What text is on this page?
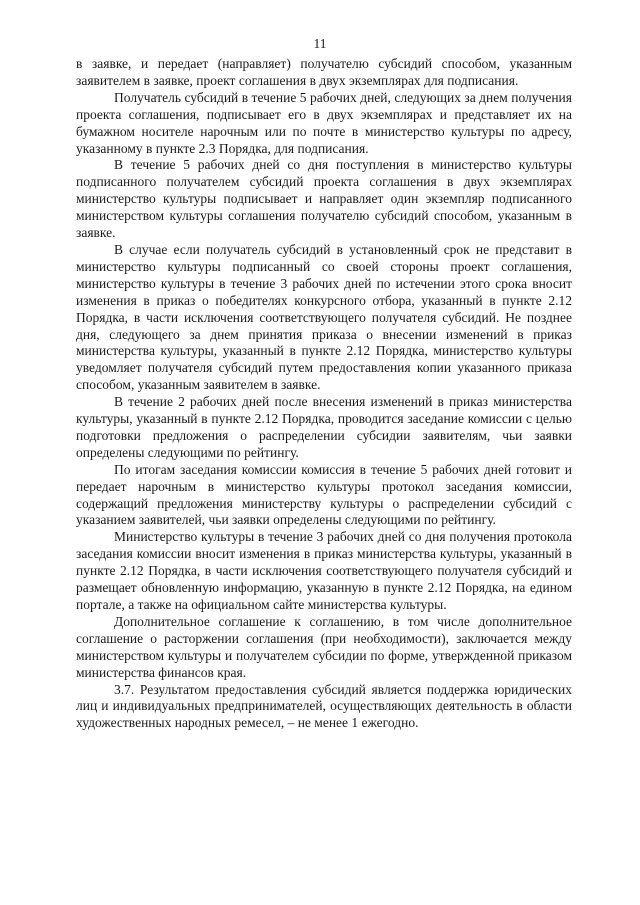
11

в заявке, и передает (направляет) получателю субсидий способом, указанным заявителем в заявке, проект соглашения в двух экземплярах для подписания.

Получатель субсидий в течение 5 рабочих дней, следующих за днем получения проекта соглашения, подписывает его в двух экземплярах и представляет их на бумажном носителе нарочным или по почте в министерство культуры по адресу, указанному в пункте 2.3 Порядка, для подписания.

В течение 5 рабочих дней со дня поступления в министерство культуры подписанного получателем субсидий проекта соглашения в двух экземплярах министерство культуры подписывает и направляет один экземпляр подписанного министерством культуры соглашения получателю субсидий способом, указанным в заявке.

В случае если получатель субсидий в установленный срок не представит в министерство культуры подписанный со своей стороны проект соглашения, министерство культуры в течение 3 рабочих дней по истечении этого срока вносит изменения в приказ о победителях конкурсного отбора, указанный в пункте 2.12 Порядка, в части исключения соответствующего получателя субсидий. Не позднее дня, следующего за днем принятия приказа о внесении изменений в приказ министерства культуры, указанный в пункте 2.12 Порядка, министерство культуры уведомляет получателя субсидий путем предоставления копии указанного приказа способом, указанным заявителем в заявке.

В течение 2 рабочих дней после внесения изменений в приказ министерства культуры, указанный в пункте 2.12 Порядка, проводится заседание комиссии с целью подготовки предложения о распределении субсидии заявителям, чьи заявки определены следующими по рейтингу.

По итогам заседания комиссии комиссия в течение 5 рабочих дней готовит и передает нарочным в министерство культуры протокол заседания комиссии, содержащий предложения министерству культуры о распределении субсидий с указанием заявителей, чьи заявки определены следующими по рейтингу.

Министерство культуры в течение 3 рабочих дней со дня получения протокола заседания комиссии вносит изменения в приказ министерства культуры, указанный в пункте 2.12 Порядка, в части исключения соответствующего получателя субсидий и размещает обновленную информацию, указанную в пункте 2.12 Порядка, на едином портале, а также на официальном сайте министерства культуры.

Дополнительное соглашение к соглашению, в том числе дополнительное соглашение о расторжении соглашения (при необходимости), заключается между министерством культуры и получателем субсидии по форме, утвержденной приказом министерства финансов края.

3.7. Результатом предоставления субсидий является поддержка юридических лиц и индивидуальных предпринимателей, осуществляющих деятельность в области художественных народных ремесел, – не менее 1 ежегодно.
